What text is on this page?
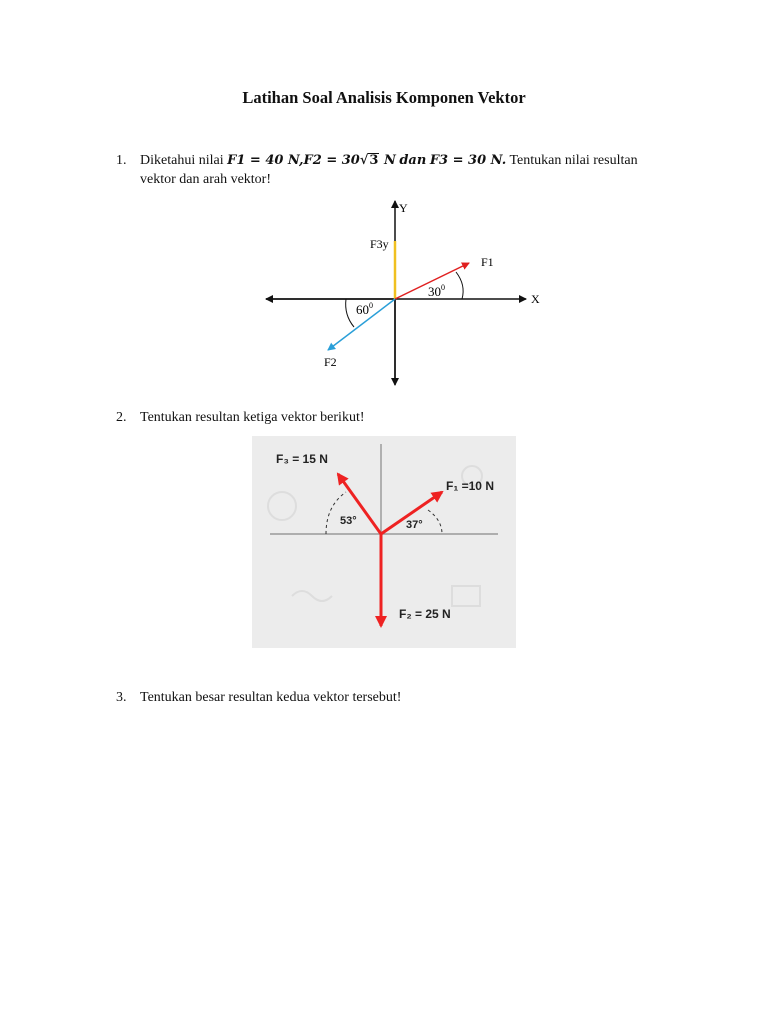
Latihan Soal Analisis Komponen Vektor
1. Diketahui nilai F1 = 40 N,F2 = 30√3 N dan F3 = 30 N. Tentukan nilai resultan
vektor dan arah vektor!
Y
X
F3y
F1
F2
$30^0$
$60^0$
2. Tentukan resultan ketiga vektor berikut!
F₃ = 15 N
F₁ =10 N
F₂ = 25 N
53°	37°
3. Tentukan besar resultan kedua vektor tersebut!
